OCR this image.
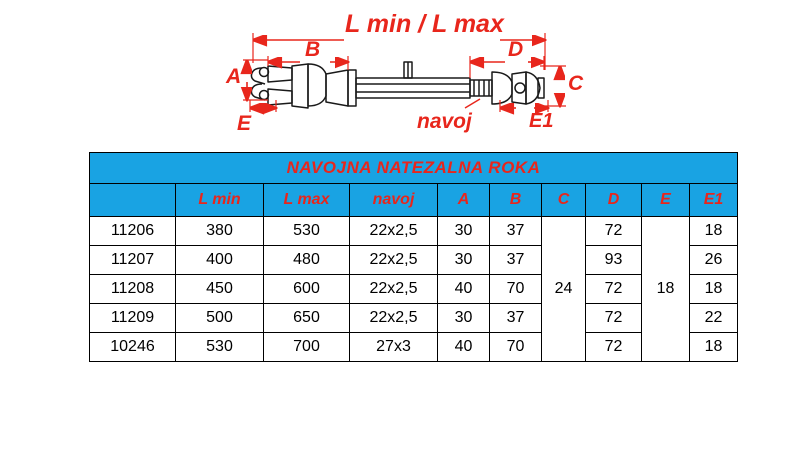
L min / L max
B	D
A	C
E	E1
navoj
NAVOJNA NATEZALNA ROKA									
	L min	L max	navoj	A	B	C	D	E	E1
11206	380	530	22x2,5	30	37	24	72	18	18
11207	400	480	22x2,5	30	37		93		26
11208	450	600	22x2,5	40	70		72		18
11209	500	650	22x2,5	30	37		72		22
10246	530	700	27x3	40	70		72		18
